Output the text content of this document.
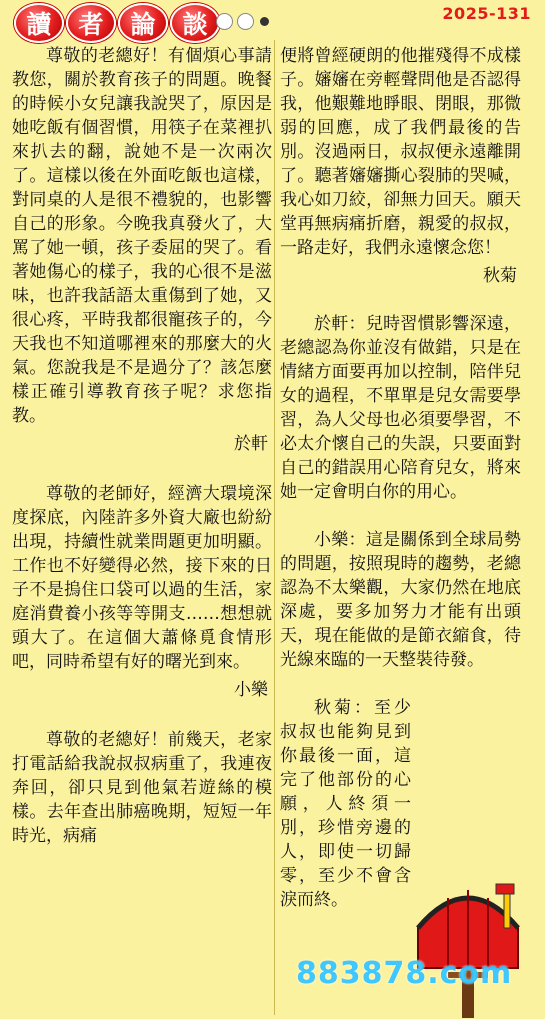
讀	者	論	談	2025-131

尊敬的老總好！有個煩心事請教您，關於教育孩子的問題。晚餐的時候小女兒讓我說哭了，原因是她吃飯有個習慣，用筷子在菜裡扒來扒去的翻，說她不是一次兩次了。這樣以後在外面吃飯也這樣，對同桌的人是很不禮貌的，也影響自己的形象。今晚我真發火了，大罵了她一頓，孩子委屈的哭了。看著她傷心的樣子，我的心很不是滋味，也許我話語太重傷到了她，又很心疼，平時我都很寵孩子的，今天我也不知道哪裡來的那麼大的火氣。您說我是不是過分了？該怎麼樣正確引導教育孩子呢？求您指教。

於軒

尊敬的老師好，經濟大環境深度探底，內陸許多外資大廠也紛紛出現，持續性就業問題更加明顯。工作也不好變得必然，接下來的日子不是摀住口袋可以過的生活，家庭消費養小孩等等開支……想想就頭大了。在這個大蕭條覓食情形吧，同時希望有好的曙光到來。

小樂

尊敬的老總好！前幾天，老家打電話給我說叔叔病重了，我連夜奔回，卻只見到他氣若遊絲的模樣。去年查出肺癌晚期，短短一年時光，病痛

便將曾經硬朗的他摧殘得不成樣子。嬸嬸在旁輕聲問他是否認得我，他艱難地睜眼、閉眼，那微弱的回應，成了我們最後的告別。沒過兩日，叔叔便永遠離開了。聽著嬸嬸撕心裂肺的哭喊，我心如刀絞，卻無力回天。願天堂再無病痛折磨，親愛的叔叔，一路走好，我們永遠懷念您！

秋菊

於軒：兒時習慣影響深遠，老總認為你並沒有做錯，只是在情緒方面要再加以控制，陪伴兒女的過程，不單單是兒女需要學習，為人父母也必須要學習，不必太介懷自己的失誤，只要面對自己的錯誤用心陪育兒女，將來她一定會明白你的用心。

小樂：這是關係到全球局勢的問題，按照現時的趨勢，老總認為不太樂觀，大家仍然在地底深處，要多加努力才能有出頭天，現在能做的是節衣縮食，待光線來臨的一天整裝待發。

秋菊：至少叔叔也能夠見到你最後一面，這完了他部份的心願，人終須一別，珍惜旁邊的人，即使一切歸零，至少不會含淚而終。

883878.com
